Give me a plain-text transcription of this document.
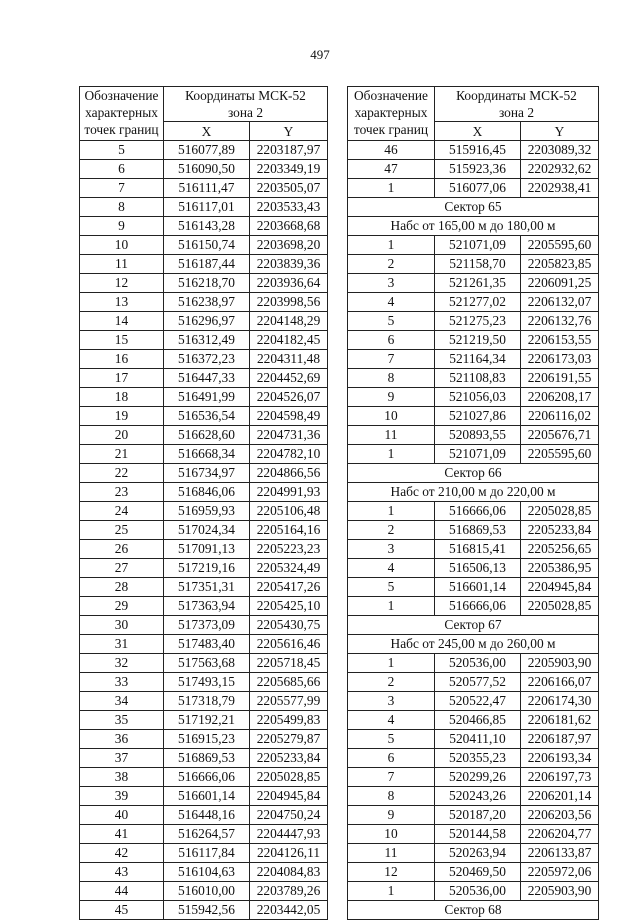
497
Обозначение
характерных
точек границ	Координаты МСК-52
зона 2	
	X	Y
5	516077,89	2203187,97
6	516090,50	2203349,19
7	516111,47	2203505,07
8	516117,01	2203533,43
9	516143,28	2203668,68
10	516150,74	2203698,20
11	516187,44	2203839,36
12	516218,70	2203936,64
13	516238,97	2203998,56
14	516296,97	2204148,29
15	516312,49	2204182,45
16	516372,23	2204311,48
17	516447,33	2204452,69
18	516491,99	2204526,07
19	516536,54	2204598,49
20	516628,60	2204731,36
21	516668,34	2204782,10
22	516734,97	2204866,56
23	516846,06	2204991,93
24	516959,93	2205106,48
25	517024,34	2205164,16
26	517091,13	2205223,23
27	517219,16	2205324,49
28	517351,31	2205417,26
29	517363,94	2205425,10
30	517373,09	2205430,75
31	517483,40	2205616,46
32	517563,68	2205718,45
33	517493,15	2205685,66
34	517318,79	2205577,99
35	517192,21	2205499,83
36	516915,23	2205279,87
37	516869,53	2205233,84
38	516666,06	2205028,85
39	516601,14	2204945,84
40	516448,16	2204750,24
41	516264,57	2204447,93
42	516117,84	2204126,11
43	516104,63	2204084,83
44	516010,00	2203789,26
45	515942,56	2203442,05
Обозначение
характерных
точек границ	Координаты МСК-52
зона 2	
	X	Y
46	515916,45	2203089,32
47	515923,36	2202932,62
1	516077,06	2202938,41
Сектор 65		
Набс от 165,00 м до 180,00 м		
1	521071,09	2205595,60
2	521158,70	2205823,85
3	521261,35	2206091,25
4	521277,02	2206132,07
5	521275,23	2206132,76
6	521219,50	2206153,55
7	521164,34	2206173,03
8	521108,83	2206191,55
9	521056,03	2206208,17
10	521027,86	2206116,02
11	520893,55	2205676,71
1	521071,09	2205595,60
Сектор 66		
Набс от 210,00 м до 220,00 м		
1	516666,06	2205028,85
2	516869,53	2205233,84
3	516815,41	2205256,65
4	516506,13	2205386,95
5	516601,14	2204945,84
1	516666,06	2205028,85
Сектор 67		
Набс от 245,00 м до 260,00 м		
1	520536,00	2205903,90
2	520577,52	2206166,07
3	520522,47	2206174,30
4	520466,85	2206181,62
5	520411,10	2206187,97
6	520355,23	2206193,34
7	520299,26	2206197,73
8	520243,26	2206201,14
9	520187,20	2206203,56
10	520144,58	2206204,77
11	520263,94	2206133,87
12	520469,50	2205972,06
1	520536,00	2205903,90
Сектор 68		
